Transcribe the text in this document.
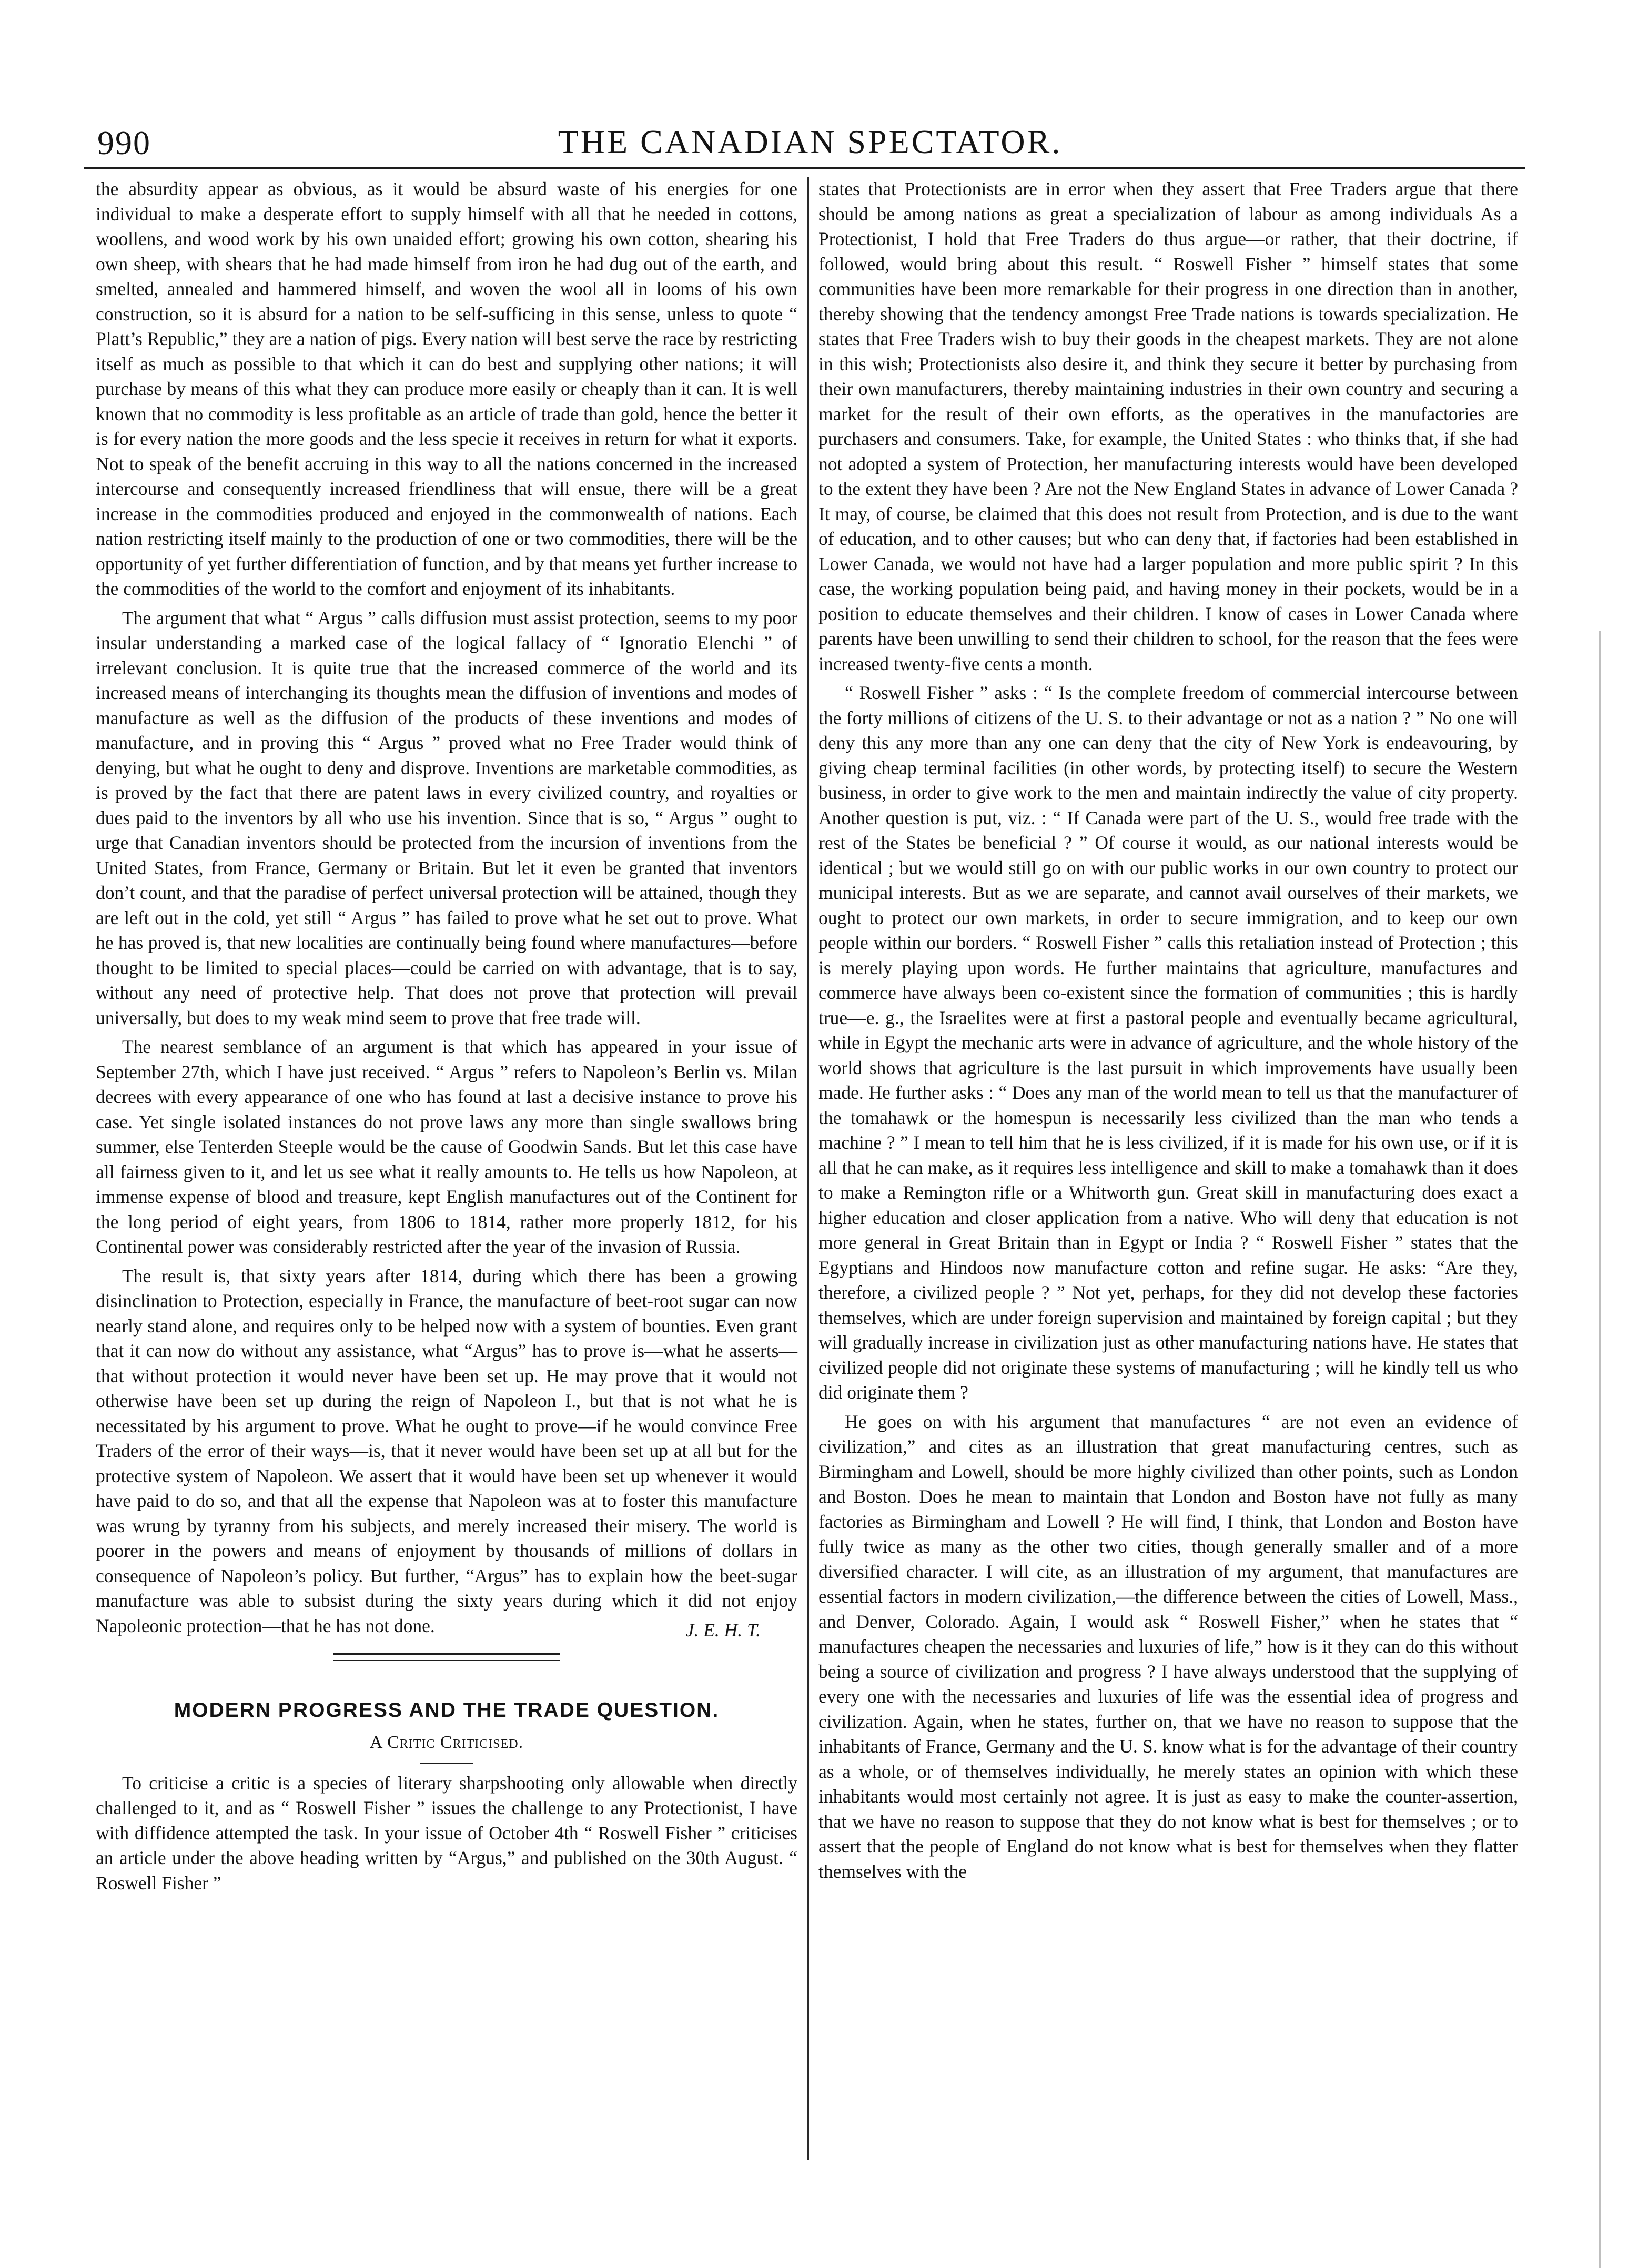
990	THE CANADIAN SPECTATOR.

the absurdity appear as obvious, as it would be absurd waste of his energies for one individual to make a desperate effort to supply himself with all that he needed in cottons, woollens, and wood work by his own unaided effort; growing his own cotton, shearing his own sheep, with shears that he had made himself from iron he had dug out of the earth, and smelted, annealed and hammered himself, and woven the wool all in looms of his own construction, so it is absurd for a nation to be self-sufficing in this sense, unless to quote “ Platt’s Republic,” they are a nation of pigs. Every nation will best serve the race by restricting itself as much as possible to that which it can do best and supplying other nations; it will purchase by means of this what they can produce more easily or cheaply than it can. It is well known that no commodity is less profitable as an article of trade than gold, hence the better it is for every nation the more goods and the less specie it receives in return for what it exports. Not to speak of the benefit accruing in this way to all the nations concerned in the increased intercourse and consequently increased friendliness that will ensue, there will be a great increase in the commodities produced and enjoyed in the commonwealth of nations. Each nation restricting itself mainly to the production of one or two commodities, there will be the opportunity of yet further differentiation of function, and by that means yet further increase to the commodities of the world to the comfort and enjoyment of its inhabitants.

The argument that what “ Argus ” calls diffusion must assist protection, seems to my poor insular understanding a marked case of the logical fallacy of “ Ignoratio Elenchi ” of irrelevant conclusion. It is quite true that the increased commerce of the world and its increased means of interchanging its thoughts mean the diffusion of inventions and modes of manufacture as well as the diffusion of the products of these inventions and modes of manufacture, and in proving this “ Argus ” proved what no Free Trader would think of denying, but what he ought to deny and disprove. Inventions are marketable commodities, as is proved by the fact that there are patent laws in every civilized country, and royalties or dues paid to the inventors by all who use his invention. Since that is so, “ Argus ” ought to urge that Canadian inventors should be protected from the incursion of inventions from the United States, from France, Germany or Britain. But let it even be granted that inventors don’t count, and that the paradise of perfect universal protection will be attained, though they are left out in the cold, yet still “ Argus ” has failed to prove what he set out to prove. What he has proved is, that new localities are continually being found where manufactures—before thought to be limited to special places—could be carried on with advantage, that is to say, without any need of protective help. That does not prove that protection will prevail universally, but does to my weak mind seem to prove that free trade will.

The nearest semblance of an argument is that which has appeared in your issue of September 27th, which I have just received. “ Argus ” refers to Napoleon’s Berlin vs. Milan decrees with every appearance of one who has found at last a decisive instance to prove his case. Yet single isolated instances do not prove laws any more than single swallows bring summer, else Tenterden Steeple would be the cause of Goodwin Sands. But let this case have all fairness given to it, and let us see what it really amounts to. He tells us how Napoleon, at immense expense of blood and treasure, kept English manufactures out of the Continent for the long period of eight years, from 1806 to 1814, rather more properly 1812, for his Continental power was considerably restricted after the year of the invasion of Russia.

The result is, that sixty years after 1814, during which there has been a growing disinclination to Protection, especially in France, the manufacture of beet-root sugar can now nearly stand alone, and requires only to be helped now with a system of bounties. Even grant that it can now do without any assistance, what “Argus” has to prove is—what he asserts—that without protection it would never have been set up. He may prove that it would not otherwise have been set up during the reign of Napoleon I., but that is not what he is necessitated by his argument to prove. What he ought to prove—if he would convince Free Traders of the error of their ways—is, that it never would have been set up at all but for the protective system of Napoleon. We assert that it would have been set up whenever it would have paid to do so, and that all the expense that Napoleon was at to foster this manufacture was wrung by tyranny from his subjects, and merely increased their misery. The world is poorer in the powers and means of enjoyment by thousands of millions of dollars in consequence of Napoleon’s policy. But further, “Argus” has to explain how the beet-sugar manufacture was able to subsist during the sixty years during which it did not enjoy Napoleonic protection—that he has not done.	J. E. H. T.
MODERN PROGRESS AND THE TRADE QUESTION.
A Critic Criticised.

To criticise a critic is a species of literary sharpshooting only allowable when directly challenged to it, and as “ Roswell Fisher ” issues the challenge to any Protectionist, I have with diffidence attempted the task. In your issue of October 4th “ Roswell Fisher ” criticises an article under the above heading written by “Argus,” and published on the 30th August. “ Roswell Fisher ”

states that Protectionists are in error when they assert that Free Traders argue that there should be among nations as great a specialization of labour as among individuals As a Protectionist, I hold that Free Traders do thus argue—or rather, that their doctrine, if followed, would bring about this result. “ Roswell Fisher ” himself states that some communities have been more remarkable for their progress in one direction than in another, thereby showing that the tendency amongst Free Trade nations is towards specialization. He states that Free Traders wish to buy their goods in the cheapest markets. They are not alone in this wish; Protectionists also desire it, and think they secure it better by purchasing from their own manufacturers, thereby maintaining industries in their own country and securing a market for the result of their own efforts, as the operatives in the manufactories are purchasers and consumers. Take, for example, the United States : who thinks that, if she had not adopted a system of Protection, her manufacturing interests would have been developed to the extent they have been ? Are not the New England States in advance of Lower Canada ? It may, of course, be claimed that this does not result from Protection, and is due to the want of education, and to other causes; but who can deny that, if factories had been established in Lower Canada, we would not have had a larger population and more public spirit ? In this case, the working population being paid, and having money in their pockets, would be in a position to educate themselves and their children. I know of cases in Lower Canada where parents have been unwilling to send their children to school, for the reason that the fees were increased twenty-five cents a month.

“ Roswell Fisher ” asks : “ Is the complete freedom of commercial intercourse between the forty millions of citizens of the U. S. to their advantage or not as a nation ? ” No one will deny this any more than any one can deny that the city of New York is endeavouring, by giving cheap terminal facilities (in other words, by protecting itself) to secure the Western business, in order to give work to the men and maintain indirectly the value of city property. Another question is put, viz. : “ If Canada were part of the U. S., would free trade with the rest of the States be beneficial ? ” Of course it would, as our national interests would be identical ; but we would still go on with our public works in our own country to protect our municipal interests. But as we are separate, and cannot avail ourselves of their markets, we ought to protect our own markets, in order to secure immigration, and to keep our own people within our borders. “ Roswell Fisher ” calls this retaliation instead of Protection ; this is merely playing upon words. He further maintains that agriculture, manufactures and commerce have always been co-existent since the formation of communities ; this is hardly true—e. g., the Israelites were at first a pastoral people and eventually became agricultural, while in Egypt the mechanic arts were in advance of agriculture, and the whole history of the world shows that agriculture is the last pursuit in which improvements have usually been made. He further asks : “ Does any man of the world mean to tell us that the manufacturer of the tomahawk or the homespun is necessarily less civilized than the man who tends a machine ? ” I mean to tell him that he is less civilized, if it is made for his own use, or if it is all that he can make, as it requires less intelligence and skill to make a tomahawk than it does to make a Remington rifle or a Whitworth gun. Great skill in manufacturing does exact a higher education and closer application from a native. Who will deny that education is not more general in Great Britain than in Egypt or India ? “ Roswell Fisher ” states that the Egyptians and Hindoos now manufacture cotton and refine sugar. He asks: “Are they, therefore, a civilized people ? ” Not yet, perhaps, for they did not develop these factories themselves, which are under foreign supervision and maintained by foreign capital ; but they will gradually increase in civilization just as other manufacturing nations have. He states that civilized people did not originate these systems of manufacturing ; will he kindly tell us who did originate them ?

He goes on with his argument that manufactures “ are not even an evidence of civilization,” and cites as an illustration that great manufacturing centres, such as Birmingham and Lowell, should be more highly civilized than other points, such as London and Boston. Does he mean to maintain that London and Boston have not fully as many factories as Birmingham and Lowell ? He will find, I think, that London and Boston have fully twice as many as the other two cities, though generally smaller and of a more diversified character. I will cite, as an illustration of my argument, that manufactures are essential factors in modern civilization,—the difference between the cities of Lowell, Mass., and Denver, Colorado. Again, I would ask “ Roswell Fisher,” when he states that “ manufactures cheapen the necessaries and luxuries of life,” how is it they can do this without being a source of civilization and progress ? I have always understood that the supplying of every one with the necessaries and luxuries of life was the essential idea of progress and civilization. Again, when he states, further on, that we have no reason to suppose that the inhabitants of France, Germany and the U. S. know what is for the advantage of their country as a whole, or of themselves individually, he merely states an opinion with which these inhabitants would most certainly not agree. It is just as easy to make the counter-assertion, that we have no reason to suppose that they do not know what is best for themselves ; or to assert that the people of England do not know what is best for themselves when they flatter themselves with the
